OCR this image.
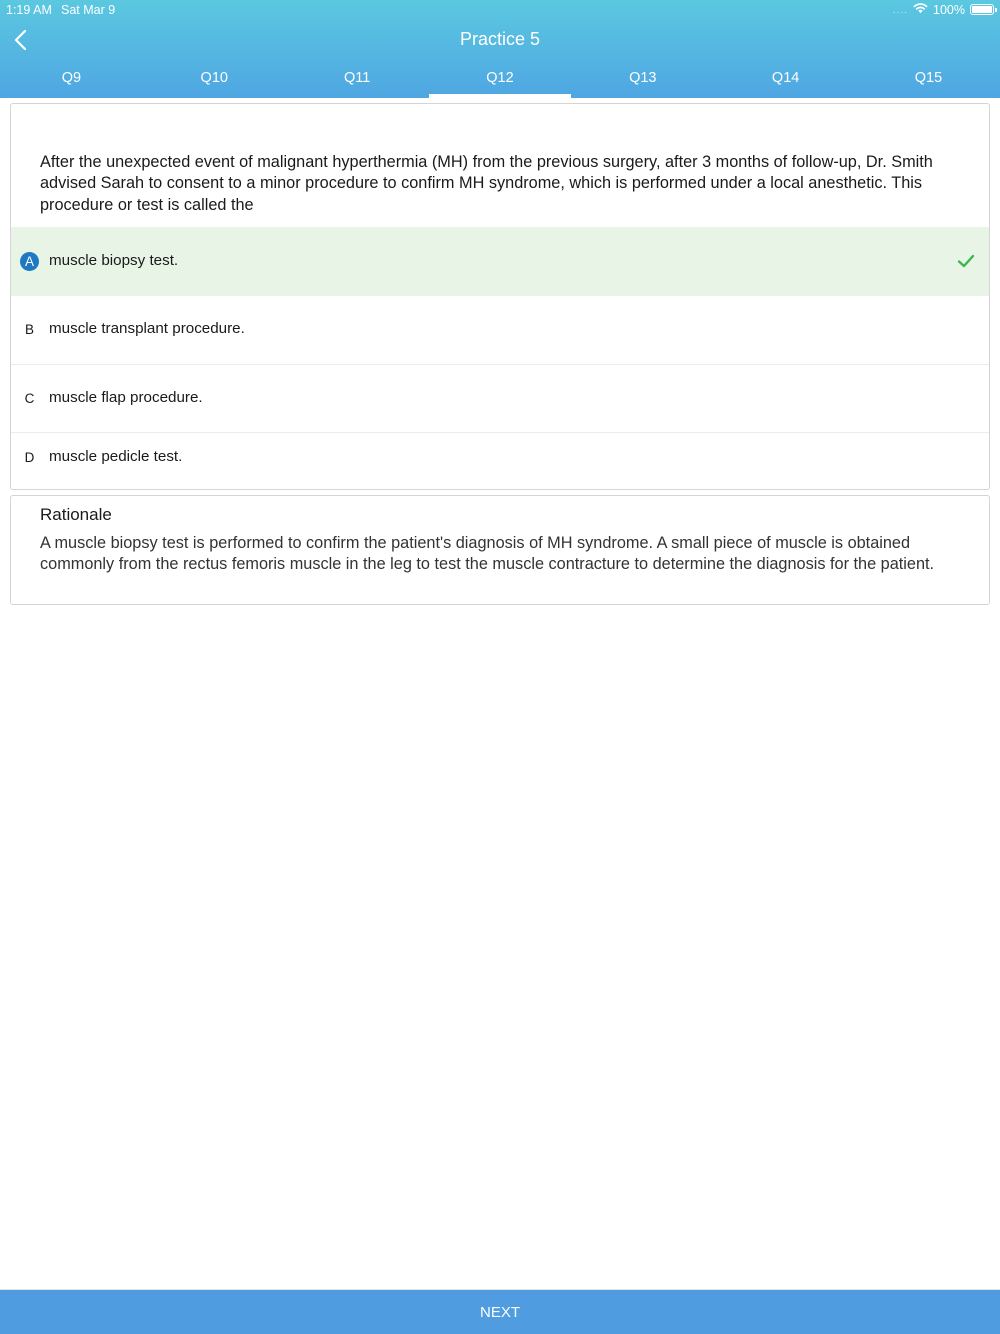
1:19 AM Sat Mar 9	.... 100%
Practice 5
Q9	Q10	Q11	Q12	Q13	Q14	Q15
After the unexpected event of malignant hyperthermia (MH) from the previous surgery, after 3 months of follow-up, Dr. Smith advised Sarah to consent to a minor procedure to confirm MH syndrome, which is performed under a local anesthetic. This procedure or test is called the
A muscle biopsy test.
B muscle transplant procedure.
C muscle flap procedure.
D muscle pedicle test.
Rationale
A muscle biopsy test is performed to confirm the patient's diagnosis of MH syndrome. A small piece of muscle is obtained commonly from the rectus femoris muscle in the leg to test the muscle contracture to determine the diagnosis for the patient.
NEXT
